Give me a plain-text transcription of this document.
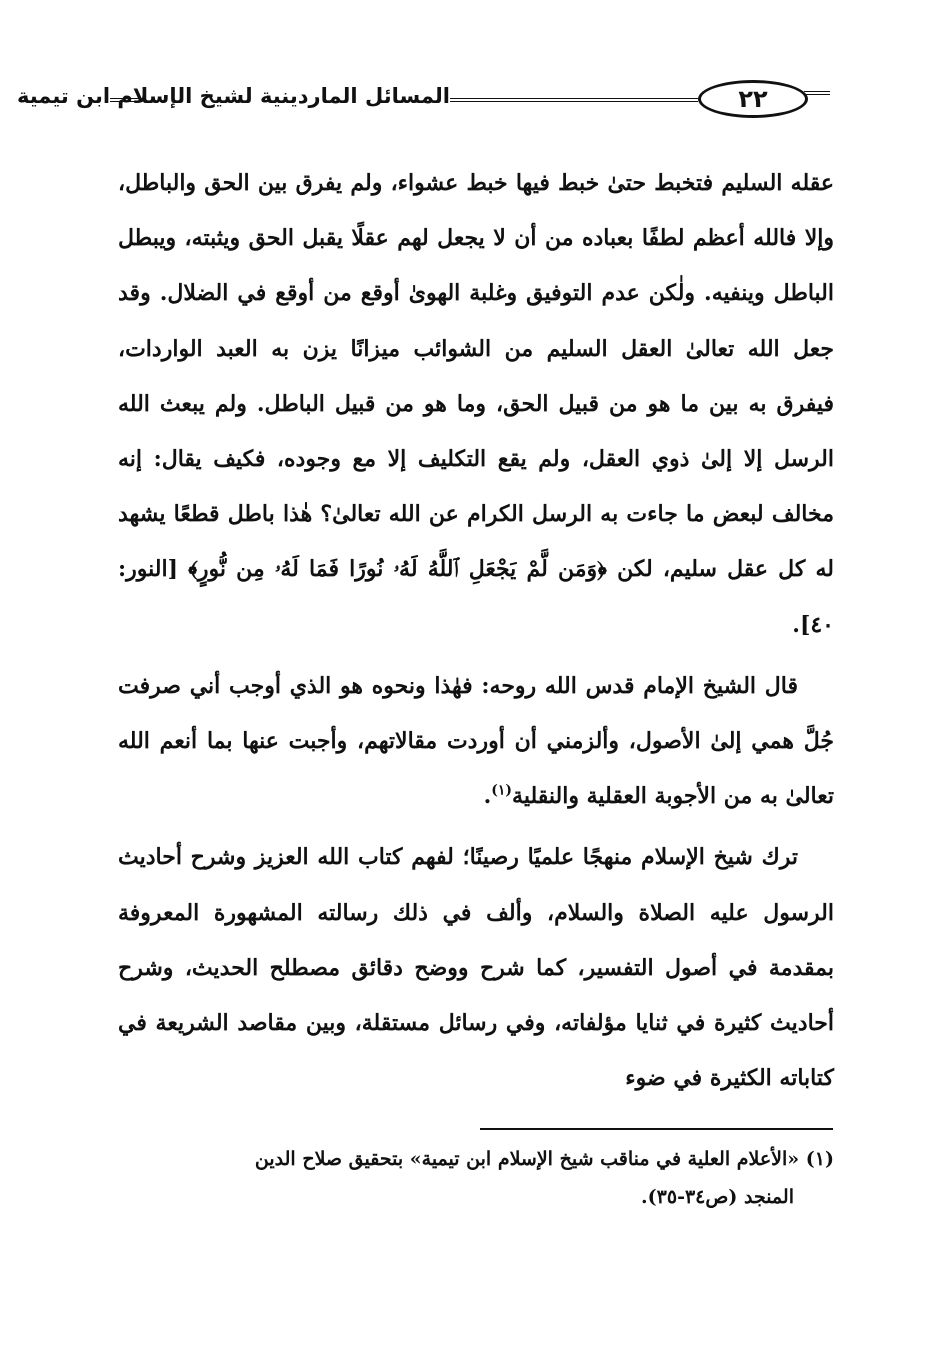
المسائل الماردينية لشيخ الإسلام ابن تيمية	٢٢

عقله السليم فتخبط حتىٰ خبط فيها خبط عشواء، ولم يفرق بين الحق والباطل، وإلا فالله أعظم لطفًا بعباده من أن لا يجعل لهم عقلًا يقبل الحق ويثبته، ويبطل الباطل وينفيه. ولٰكن عدم التوفيق وغلبة الهوىٰ أوقع من أوقع في الضلال. وقد جعل الله تعالىٰ العقل السليم من الشوائب ميزانًا يزن به العبد الواردات، فيفرق به بين ما هو من قبيل الحق، وما هو من قبيل الباطل. ولم يبعث الله الرسل إلا إلىٰ ذوي العقل، ولم يقع التكليف إلا مع وجوده، فكيف يقال: إنه مخالف لبعض ما جاءت به الرسل الكرام عن الله تعالىٰ؟ هٰذا باطل قطعًا يشهد له كل عقل سليم، لكن ﴿وَمَن لَّمْ يَجْعَلِ ٱللَّهُ لَهُۥ نُورًا فَمَا لَهُۥ مِن نُّورٍ﴾ [النور: ٤٠].

قال الشيخ الإمام قدس الله روحه: فهٰذا ونحوه هو الذي أوجب أني صرفت جُلَّ همي إلىٰ الأصول، وألزمني أن أوردت مقالاتهم، وأجبت عنها بما أنعم الله تعالىٰ به من الأجوبة العقلية والنقلية$^{(١)}$.

ترك شيخ الإسلام منهجًا علميًا رصينًا؛ لفهم كتاب الله العزيز وشرح أحاديث الرسول عليه الصلاة والسلام، وألف في ذلك رسالته المشهورة المعروفة بمقدمة في أصول التفسير، كما شرح ووضح دقائق مصطلح الحديث، وشرح أحاديث كثيرة في ثنايا مؤلفاته، وفي رسائل مستقلة، وبين مقاصد الشريعة في كتاباته الكثيرة في ضوء

(١) «الأعلام العلية في مناقب شيخ الإسلام ابن تيمية» بتحقيق صلاح الدين

المنجد (ص٣٤-٣٥).
